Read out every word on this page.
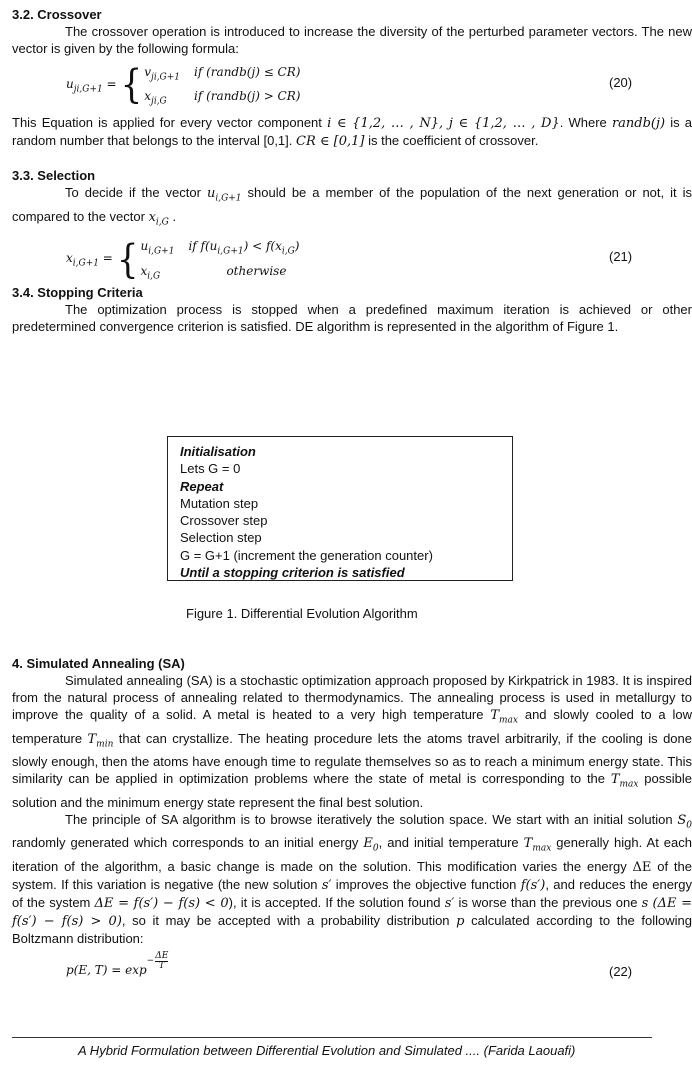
3.2. Crossover

The crossover operation is introduced to increase the diversity of the perturbed parameter vectors. The new vector is given by the following formula:

$u_{ji,G+1}$ = { $v_{ji,G+1}$ if (randb(j) ≤ CR)
$x_{ji,G}$	if (randb(j) > CR)
(20)

This Equation is applied for every vector component i ∈ {1,2, … , N}, j ∈ {1,2, … , D}. Where randb(j) is a random number that belongs to the interval [0,1]. CR ∈ [0,1] is the coefficient of crossover.

3.3. Selection

To decide if the vector $u_{i,G+1}$ should be a member of the population of the next generation or not, it is compared to the vector $x_{i,G}$ .

$x_{i,G+1}$ = { $u_{i,G+1}$ if $f(u_{i,G+1}) < f(x_{i,G})$
$x_{i,G}$	otherwise
(21)
3.4. Stopping Criteria

The optimization process is stopped when a predefined maximum iteration is achieved or other predetermined convergence criterion is satisfied. DE algorithm is represented in the algorithm of Figure 1.

Initialisation
Lets G = 0
Repeat
Mutation step
Crossover step
Selection step
G = G+1 (increment the generation counter)
Until a stopping criterion is satisfied
Figure 1. Differential Evolution Algorithm
4. Simulated Annealing (SA)

Simulated annealing (SA) is a stochastic optimization approach proposed by Kirkpatrick in 1983. It is inspired from the natural process of annealing related to thermodynamics. The annealing process is used in metallurgy to improve the quality of a solid. A metal is heated to a very high temperature $T_{max}$ and slowly cooled to a low temperature $T_{min}$ that can crystallize. The heating procedure lets the atoms travel arbitrarily, if the cooling is done slowly enough, then the atoms have enough time to regulate themselves so as to reach a minimum energy state. This similarity can be applied in optimization problems where the state of metal is corresponding to the $T_{max}$ possible solution and the minimum energy state represent the final best solution.

The principle of SA algorithm is to browse iteratively the solution space. We start with an initial solution $S_0$ randomly generated which corresponds to an initial energy $E_0$, and initial temperature $T_{max}$ generally high. At each iteration of the algorithm, a basic change is made on the solution. This modification varies the energy ΔE of the system. If this variation is negative (the new solution s′ improves the objective function f(s′), and reduces the energy of the system ΔE = f(s′) − f(s) < 0), it is accepted. If the solution found s′ is worse than the previous one s (ΔE = f(s′) − f(s) > 0), so it may be accepted with a probability distribution p calculated according to the following Boltzmann distribution:

p(E, T) = exp
− $\frac{\Delta E}{T}$
(22)
A Hybrid Formulation between Differential Evolution and Simulated .... (Farida Laouafi)
